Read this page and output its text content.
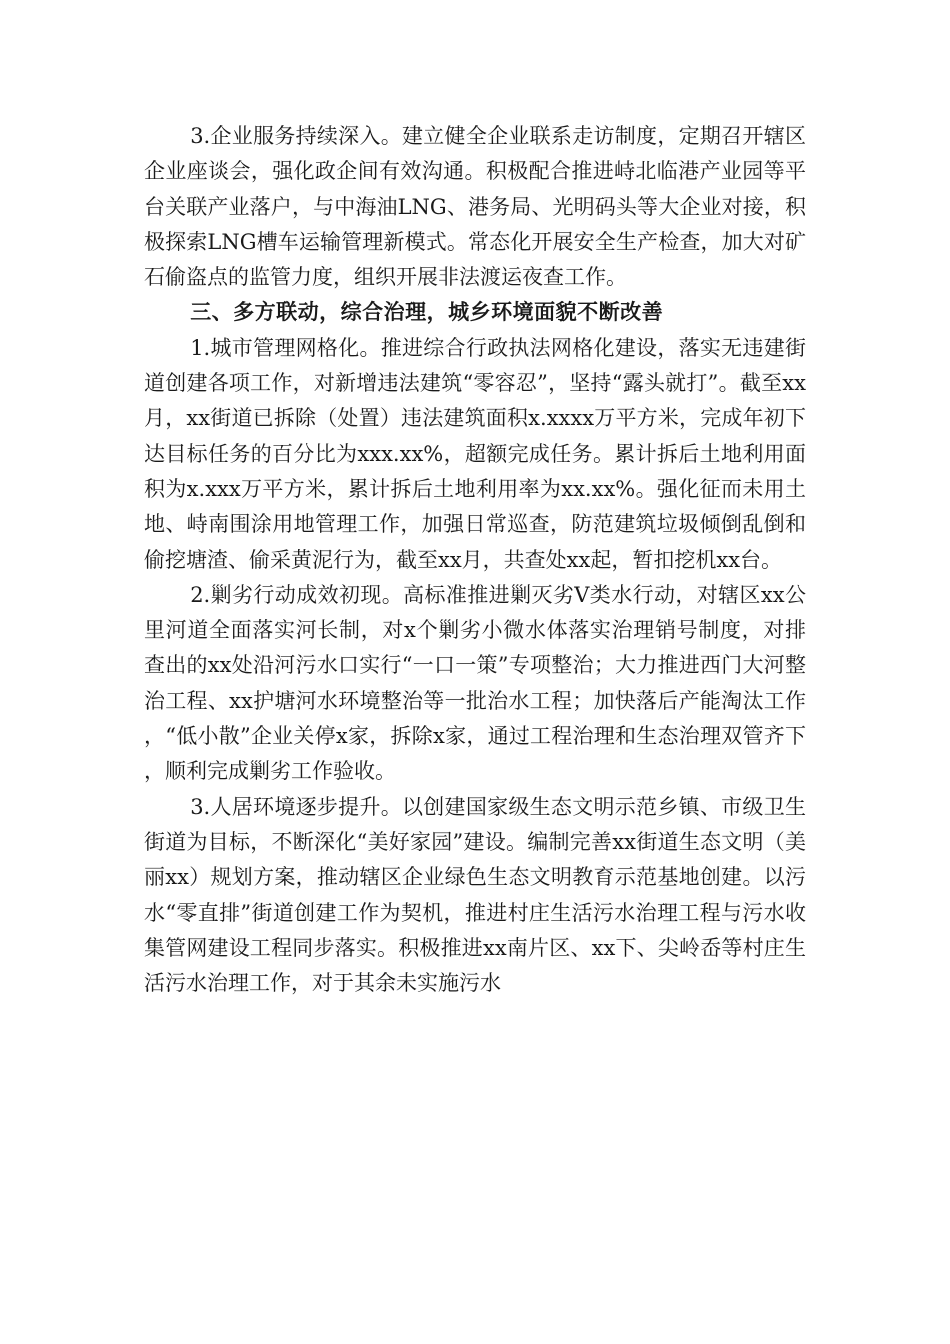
3.企业服务持续深入。建立健全企业联系走访制度，定期召开辖区企业座谈会，强化政企间有效沟通。积极配合推进峙北临港产业园等平台关联产业落户，与中海油LNG、港务局、光明码头等大企业对接，积极探索LNG槽车运输管理新模式。常态化开展安全生产检查，加大对矿石偷盗点的监管力度，组织开展非法渡运夜查工作。

三、多方联动，综合治理，城乡环境面貌不断改善

1.城市管理网格化。推进综合行政执法网格化建设，落实无违建街道创建各项工作，对新增违法建筑“零容忍”，坚持“露头就打”。截至xx月，xx街道已拆除（处置）违法建筑面积x.xxxx万平方米，完成年初下达目标任务的百分比为xxx.xx%，超额完成任务。累计拆后土地利用面积为x.xxx万平方米，累计拆后土地利用率为xx.xx%。强化征而未用土地、峙南围涂用地管理工作，加强日常巡查，防范建筑垃圾倾倒乱倒和偷挖塘渣、偷采黄泥行为，截至xx月，共查处xx起，暂扣挖机xx台。

2.剿劣行动成效初现。高标准推进剿灭劣V类水行动，对辖区xx公里河道全面落实河长制，对x个剿劣小微水体落实治理销号制度，对排查出的xx处沿河污水口实行“一口一策”专项整治；大力推进西门大河整治工程、xx护塘河水环境整治等一批治水工程；加快落后产能淘汰工作，“低小散”企业关停x家，拆除x家，通过工程治理和生态治理双管齐下，顺利完成剿劣工作验收。

3.人居环境逐步提升。以创建国家级生态文明示范乡镇、市级卫生街道为目标，不断深化“美好家园”建设。编制完善xx街道生态文明（美丽xx）规划方案，推动辖区企业绿色生态文明教育示范基地创建。以污水“零直排”街道创建工作为契机，推进村庄生活污水治理工程与污水收集管网建设工程同步落实。积极推进xx南片区、xx下、尖岭岙等村庄生活污水治理工作，对于其余未实施污水
